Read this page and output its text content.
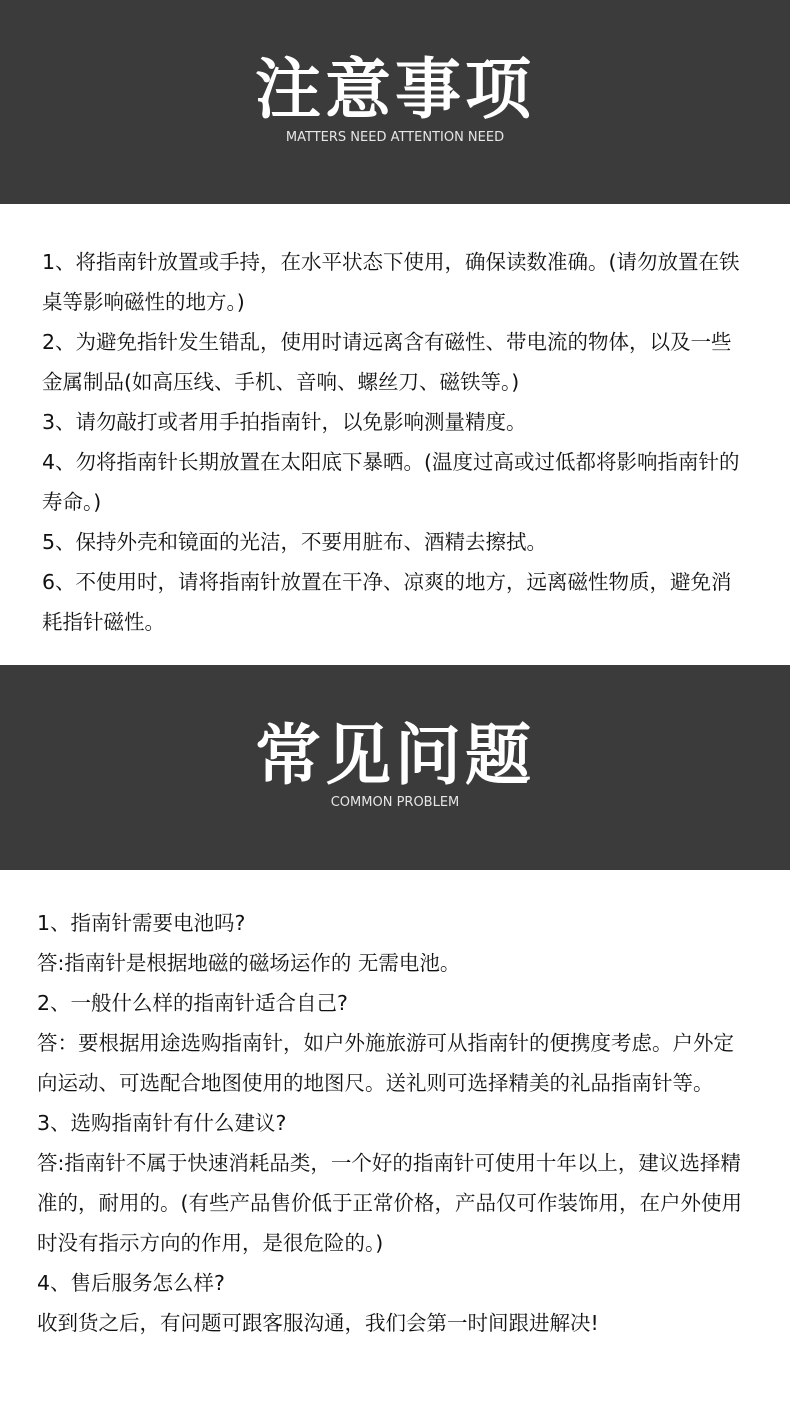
注意事项
MATTERS NEED ATTENTION NEED

1、将指南针放置或手持，在水平状态下使用，确保读数准确。(请勿放置在铁桌等影响磁性的地方。)

2、为避免指针发生错乱，使用时请远离含有磁性、带电流的物体，以及一些金属制品(如高压线、手机、音响、螺丝刀、磁铁等。)

3、请勿敲打或者用手拍指南针，以免影响测量精度。

4、勿将指南针长期放置在太阳底下暴晒。(温度过高或过低都将影响指南针的寿命。)

5、保持外壳和镜面的光洁，不要用脏布、酒精去擦拭。

6、不使用时，请将指南针放置在干净、凉爽的地方，远离磁性物质，避免消耗指针磁性。

常见问题
COMMON PROBLEM

1、指南针需要电池吗?

答:指南针是根据地磁的磁场运作的 无需电池。

2、一般什么样的指南针适合自己?

答：要根据用途选购指南针，如户外施旅游可从指南针的便携度考虑。户外定向运动、可选配合地图使用的地图尺。送礼则可选择精美的礼品指南针等。

3、选购指南针有什么建议?

答:指南针不属于快速消耗品类，一个好的指南针可使用十年以上，建议选择精准的，耐用的。(有些产品售价低于正常价格，产品仅可作装饰用，在户外使用时没有指示方向的作用，是很危险的。)

4、售后服务怎么样?

收到货之后，有问题可跟客服沟通，我们会第一时间跟进解决!
